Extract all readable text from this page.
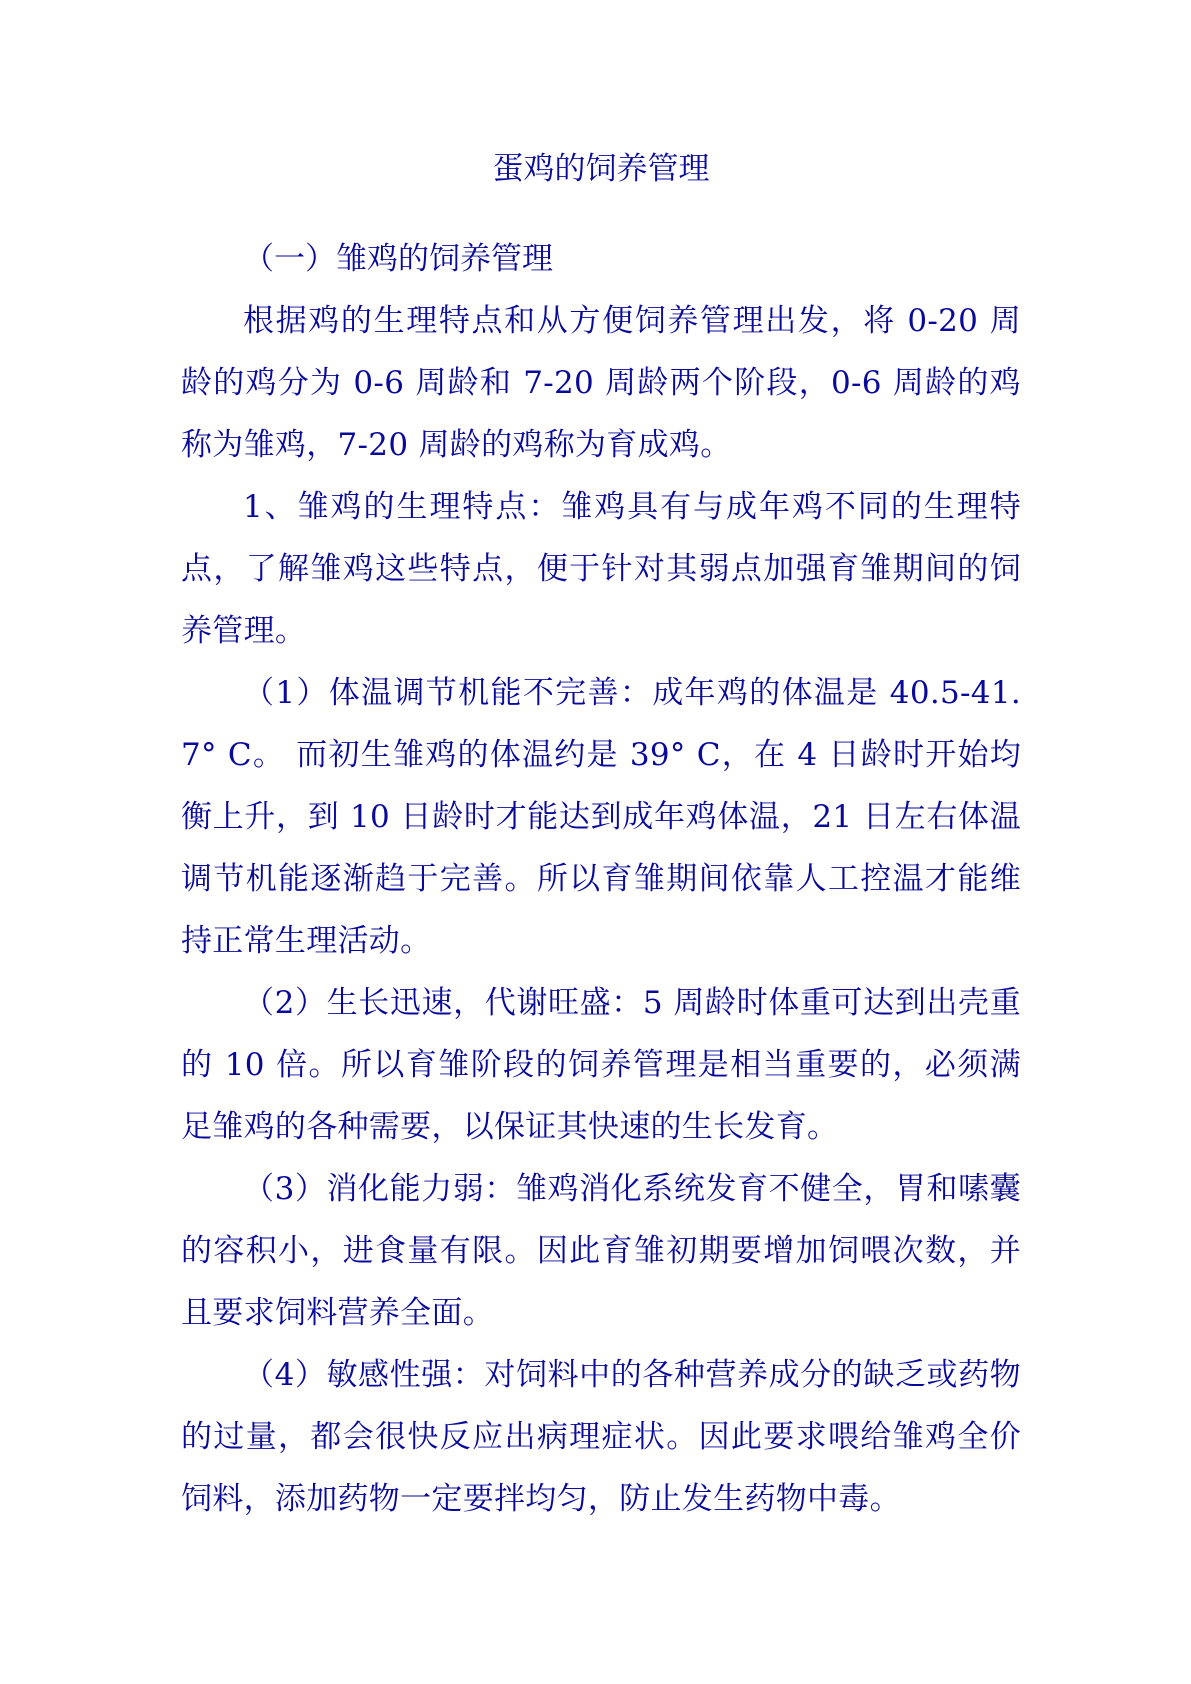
蛋鸡的饲养管理
（一）雏鸡的饲养管理

根据鸡的生理特点和从方便饲养管理出发，将 0-20 周龄的鸡分为 0-6 周龄和 7-20 周龄两个阶段，0-6 周龄的鸡称为雏鸡，7-20 周龄的鸡称为育成鸡。

1、雏鸡的生理特点：雏鸡具有与成年鸡不同的生理特点，了解雏鸡这些特点，便于针对其弱点加强育雏期间的饲养管理。

（1）体温调节机能不完善：成年鸡的体温是 40.5-41.7° C。 而初生雏鸡的体温约是 39° C，在 4 日龄时开始均衡上升，到 10 日龄时才能达到成年鸡体温，21 日左右体温调节机能逐渐趋于完善。所以育雏期间依靠人工控温才能维持正常生理活动。

（2）生长迅速，代谢旺盛：5 周龄时体重可达到出壳重的 10 倍。所以育雏阶段的饲养管理是相当重要的，必须满足雏鸡的各种需要，以保证其快速的生长发育。

（3）消化能力弱：雏鸡消化系统发育不健全，胃和嗉囊的容积小，进食量有限。因此育雏初期要增加饲喂次数，并且要求饲料营养全面。

（4）敏感性强：对饲料中的各种营养成分的缺乏或药物的过量，都会很快反应出病理症状。因此要求喂给雏鸡全价饲料，添加药物一定要拌均匀，防止发生药物中毒。
